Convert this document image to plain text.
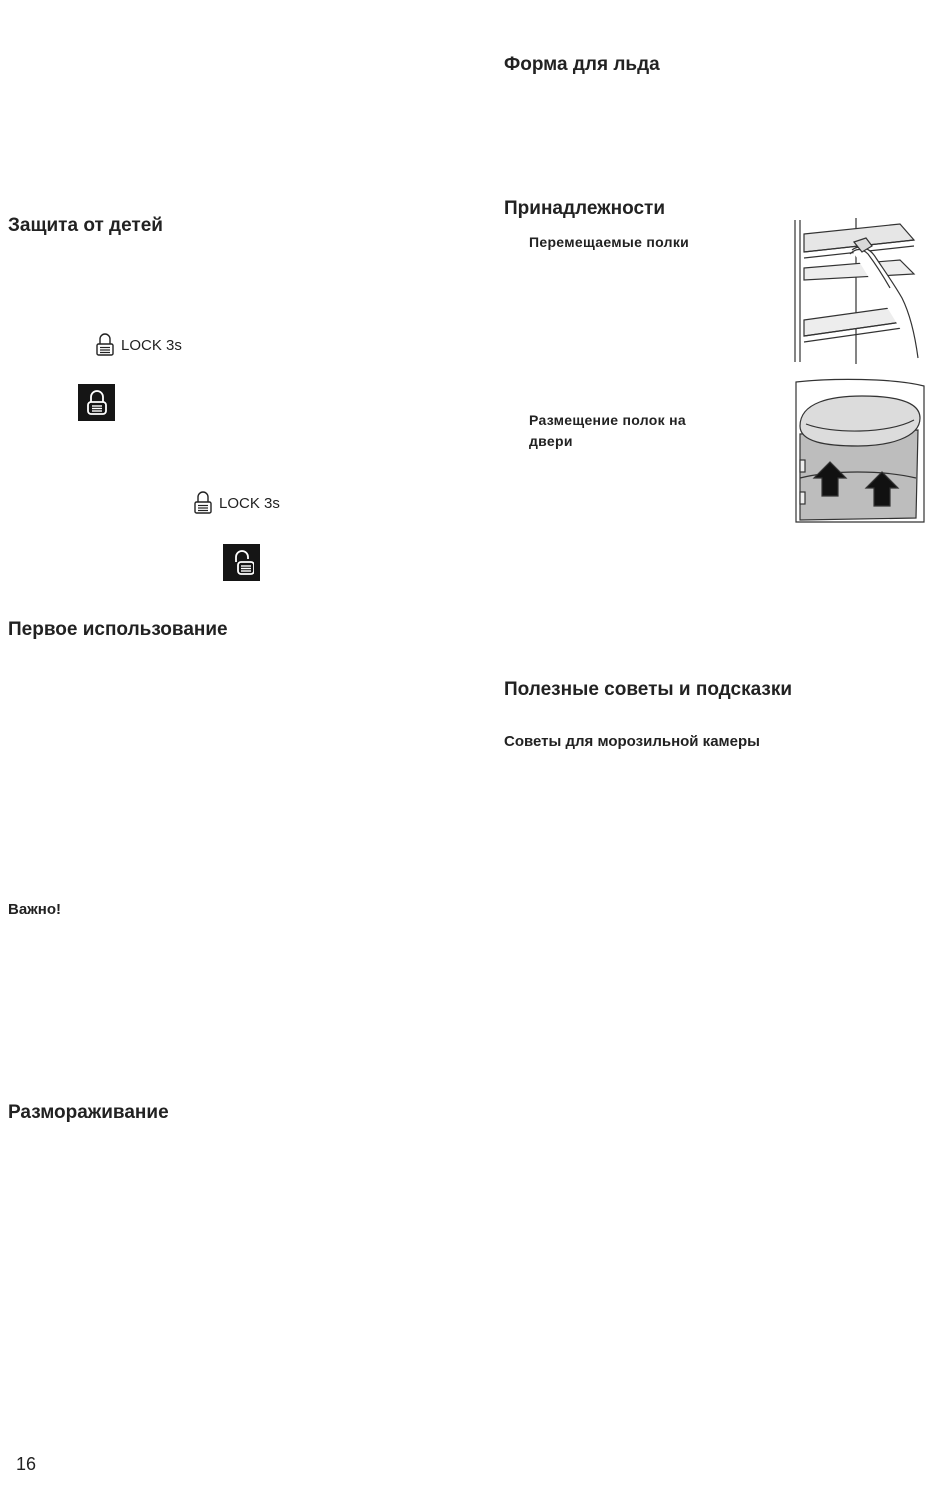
Форма для льда
Принадлежности
Перемещаемые полки
Размещение полок на двери
Полезные советы и подсказки
Советы для морозильной камеры
Защита от детей
LOCK 3s
LOCK 3s
Первое использование
Важно!
Размораживание
16
